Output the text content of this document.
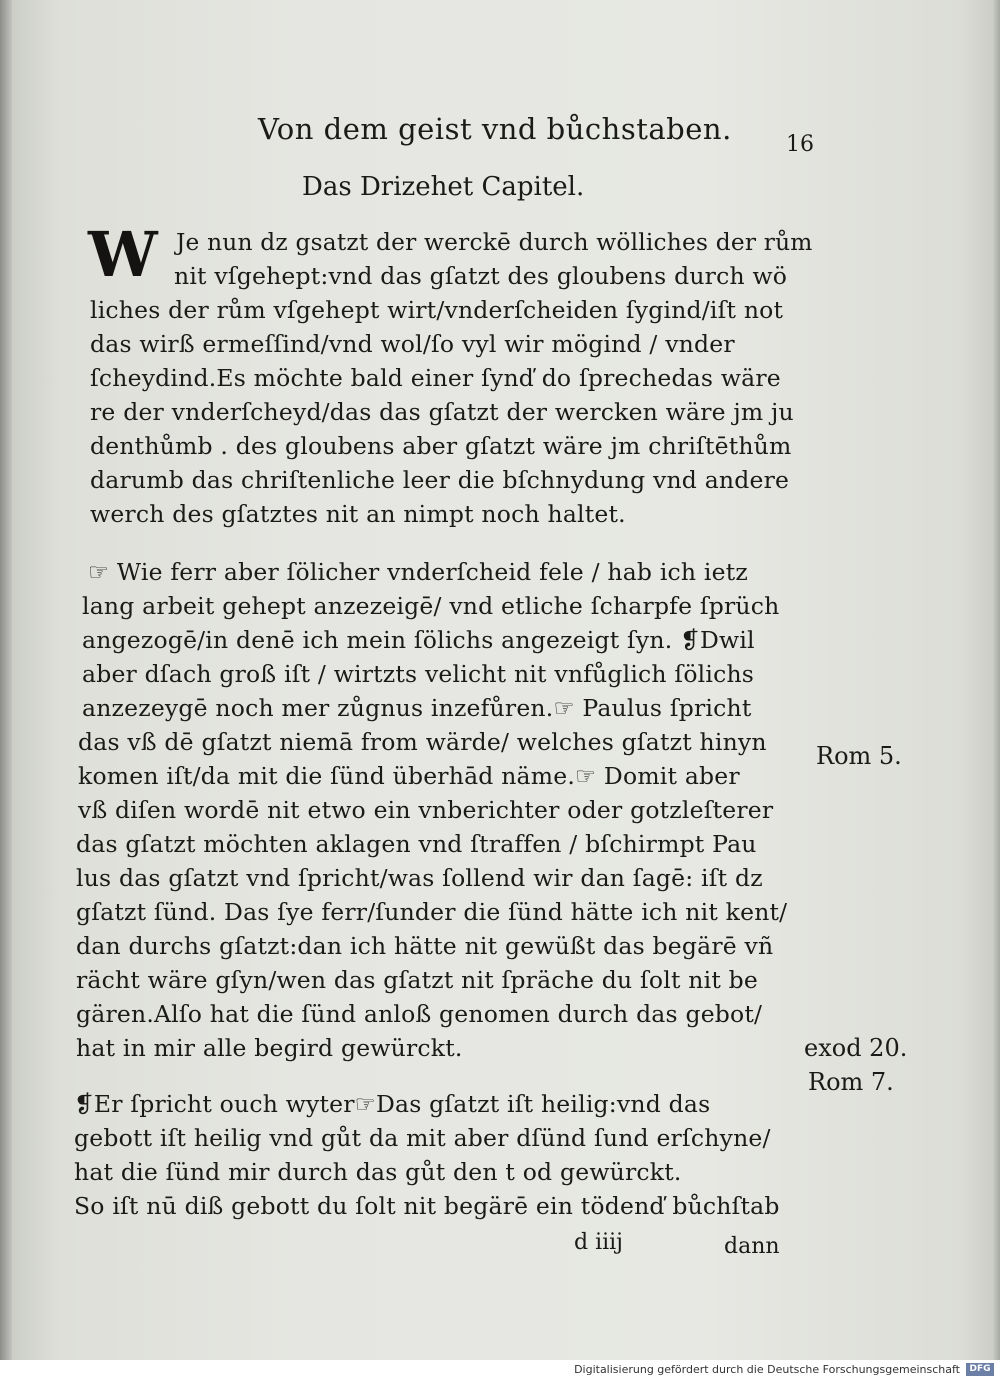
Von dem geist vnd bůchstaben. 16
Das Drizehet Capitel.
W Je nun dz gsatzt der werckē durch wölliches der rům
nit vſgehept:vnd das gſatzt des gloubens durch wö
liches der rům vſgehept wirt/vnderſcheiden ſygind/iſt not
das wirß ermeſſind/vnd wol/ſo vyl wir mögind / vnder
ſcheydind.Es möchte bald einer ſynď do ſprechedas wäre
re der vnderſcheyd/das das gſatzt der wercken wäre jm ju
denthůmb . des gloubens aber gſatzt wäre jm chriſtēthům
darumb das chriſtenliche leer die bſchnydung vnd andere
werch des gſatztes nit an nimpt noch haltet.
☞ Wie ferr aber ſölicher vnderſcheid fele / hab ich ietz
lang arbeit gehept anzezeigē/ vnd etliche ſcharpfe ſprüch
angezogē/in denē ich mein ſölichs angezeigt ſyn. ❡Dwil
aber dſach groß iſt / wirtzts velicht nit vnfůglich ſölichs
anzezeygē noch mer zůgnus inzefůren.☞ Paulus ſpricht
das vß dē gſatzt niemā from wärde/ welches gſatzt hinyn
komen iſt/da mit die ſünd überhād näme.☞ Domit aber
vß diſen wordē nit etwo ein vnberichter oder gotzleſterer
das gſatzt möchten aklagen vnd ſtraffen / bſchirmpt Pau
lus das gſatzt vnd ſpricht/was ſollend wir dan ſagē: iſt dz
gſatzt ſünd. Das ſye ferr/ſunder die ſünd hätte ich nit kent/
dan durchs gſatzt:dan ich hätte nit gewüßt das begärē vñ
rächt wäre gſyn/wen das gſatzt nit ſpräche du ſolt nit be
gären.Alſo hat die ſünd anloß genomen durch das gebot/
hat in mir alle begird gewürckt.
❡Er ſpricht ouch wyter☞Das gſatzt iſt heilig:vnd das
gebott iſt heilig vnd gůt da mit aber dſünd ſund erſchyne/
hat die ſünd mir durch das gůt den t od gewürckt.
So iſt nū diß gebott du ſolt nit begärē ein tödenď bůchſtab
Rom 5.
exod 20.
Rom 7.
d iiij	dann
Digitalisierung gefördert durch die Deutsche Forschungsgemeinschaft	DFG
